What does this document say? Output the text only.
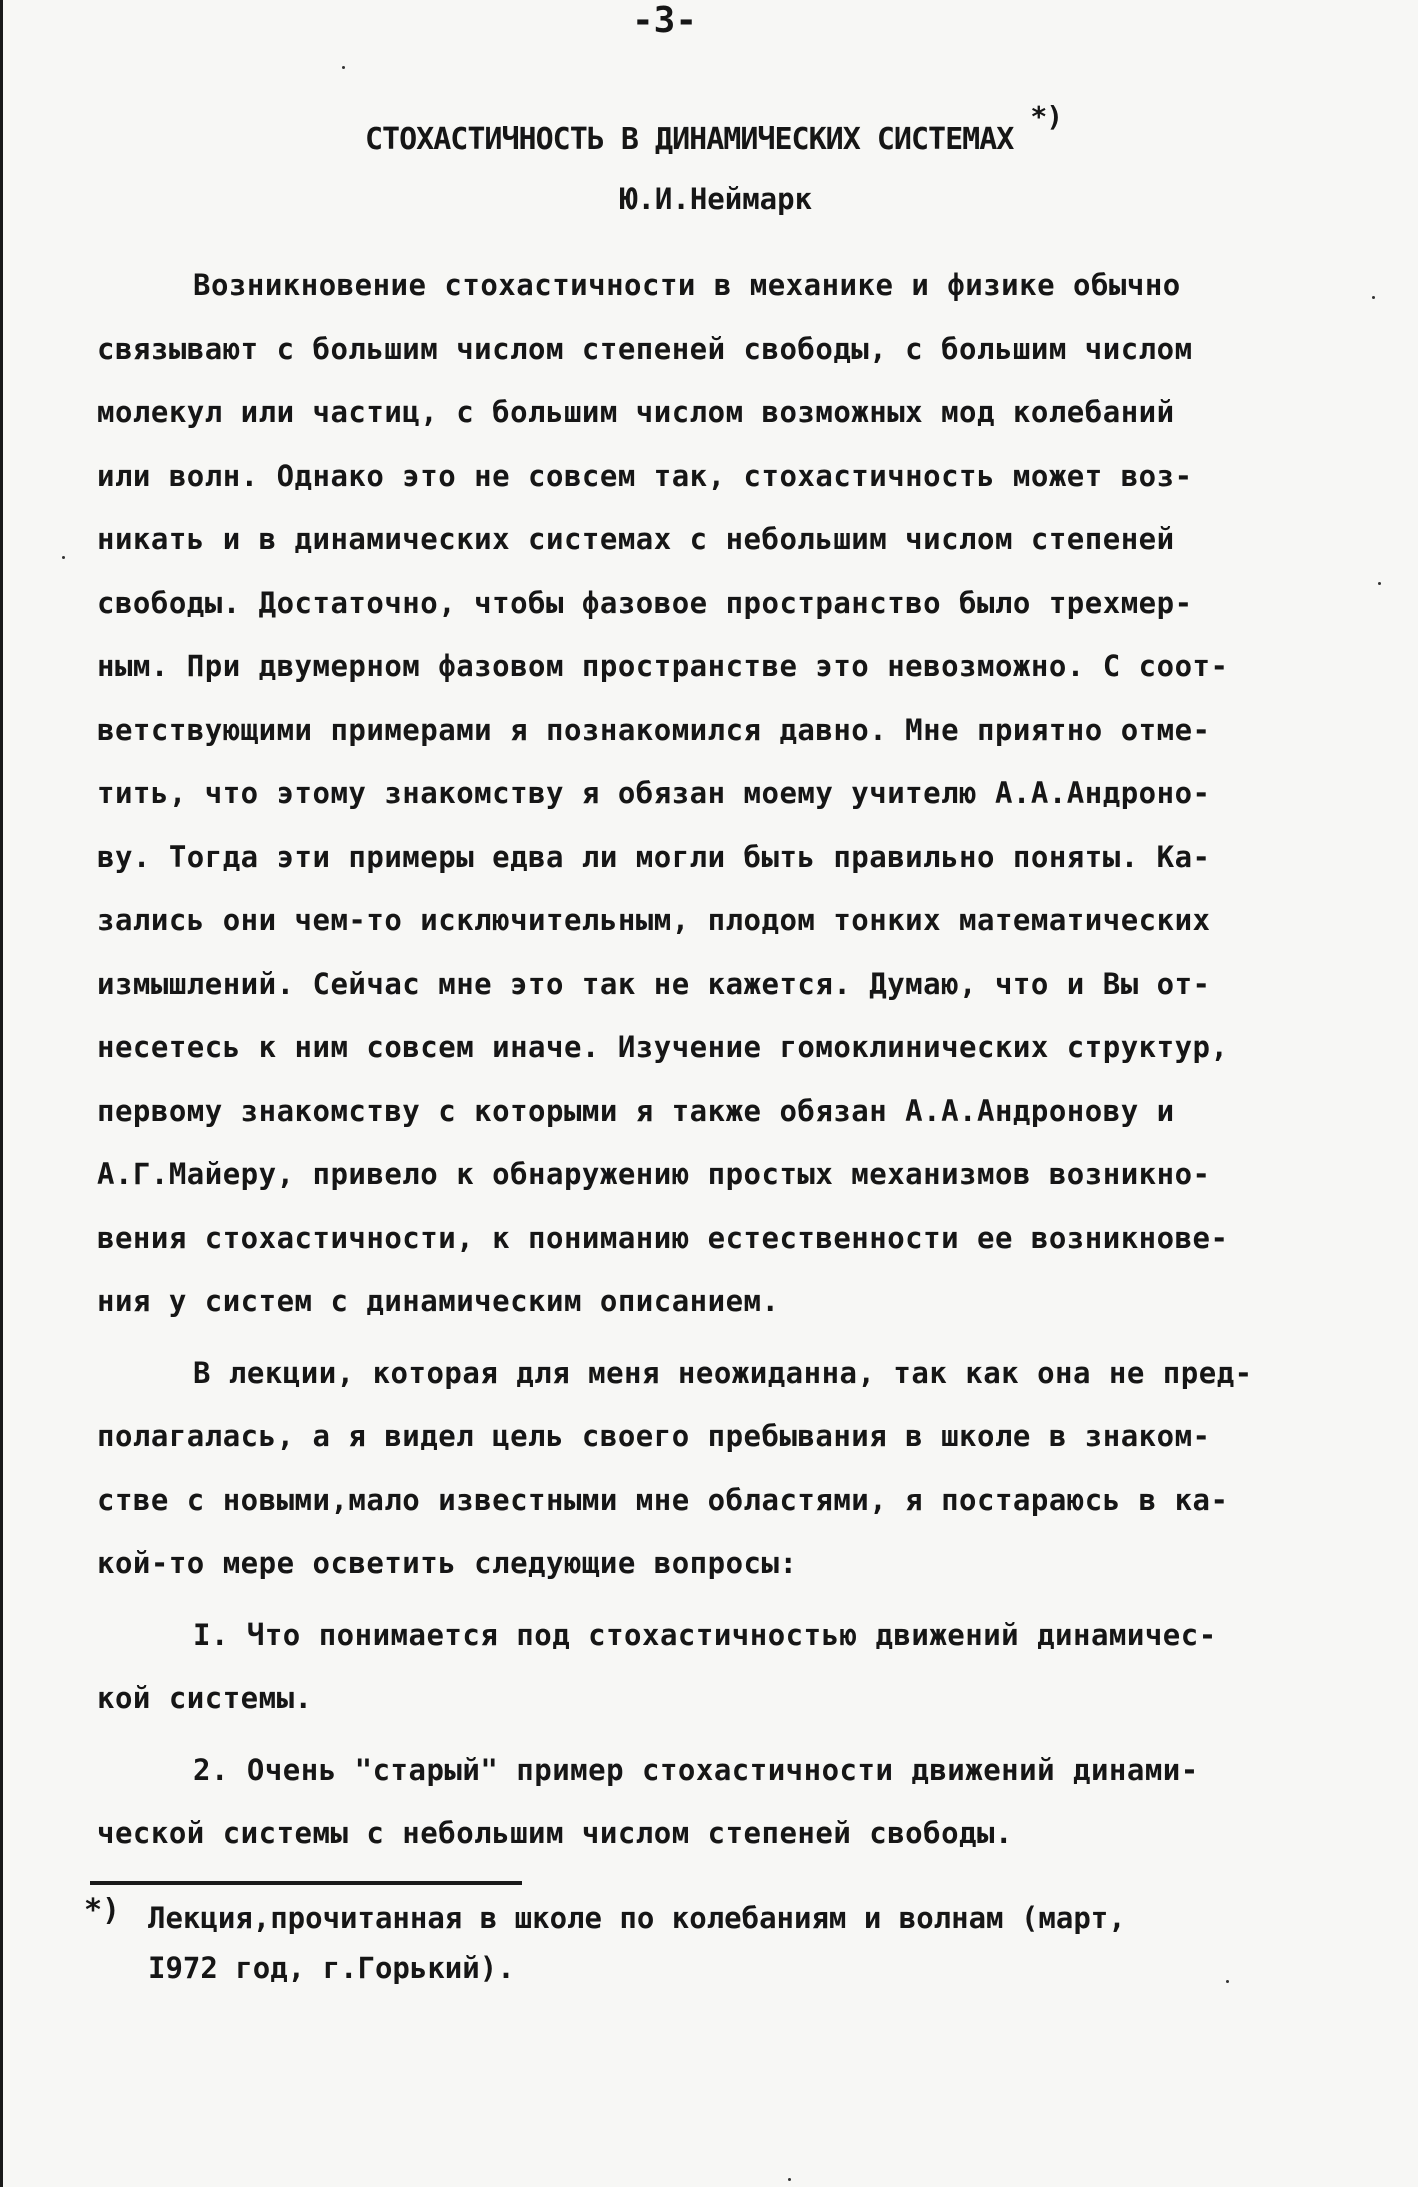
-3-
СТОХАСТИЧНОСТЬ В ДИНАМИЧЕСКИХ СИСТЕМАХ *)
Ю.И.Неймарк
Возникновение стохастичности в механике и физике обычно
связывают с большим числом степеней свободы, с большим числом
молекул или частиц, с большим числом возможных мод колебаний
или волн. Однако это не совсем так, стохастичность может воз-
никать и в динамических системах с небольшим числом степеней
свободы. Достаточно, чтобы фазовое пространство было трехмер-
ным. При двумерном фазовом пространстве это невозможно. С соот-
ветствующими примерами я познакомился давно. Мне приятно отме-
тить, что этому знакомству я обязан моему учителю А.А.Андроно-
ву. Тогда эти примеры едва ли могли быть правильно поняты. Ка-
зались они чем-то исключительным, плодом тонких математических
измышлений. Сейчас мне это так не кажется. Думаю, что и Вы от-
несетесь к ним совсем иначе. Изучение гомоклинических структур,
первому знакомству с которыми я также обязан А.А.Андронову и
А.Г.Майеру, привело к обнаружению простых механизмов возникно-
вения стохастичности, к пониманию естественности ее возникнове-
ния у систем с динамическим описанием.
В лекции, которая для меня неожиданна, так как она не пред-
полагалась, а я видел цель своего пребывания в школе в знаком-
стве с новыми,мало известными мне областями, я постараюсь в ка-
кой-то мере осветить следующие вопросы:
I. Что понимается под стохастичностью движений динамичес-
кой системы.
2. Очень "старый" пример стохастичности движений динами-
ческой системы с небольшим числом степеней свободы.
*) Лекция,прочитанная в школе по колебаниям и волнам (март,
I972 год, г.Горький).
